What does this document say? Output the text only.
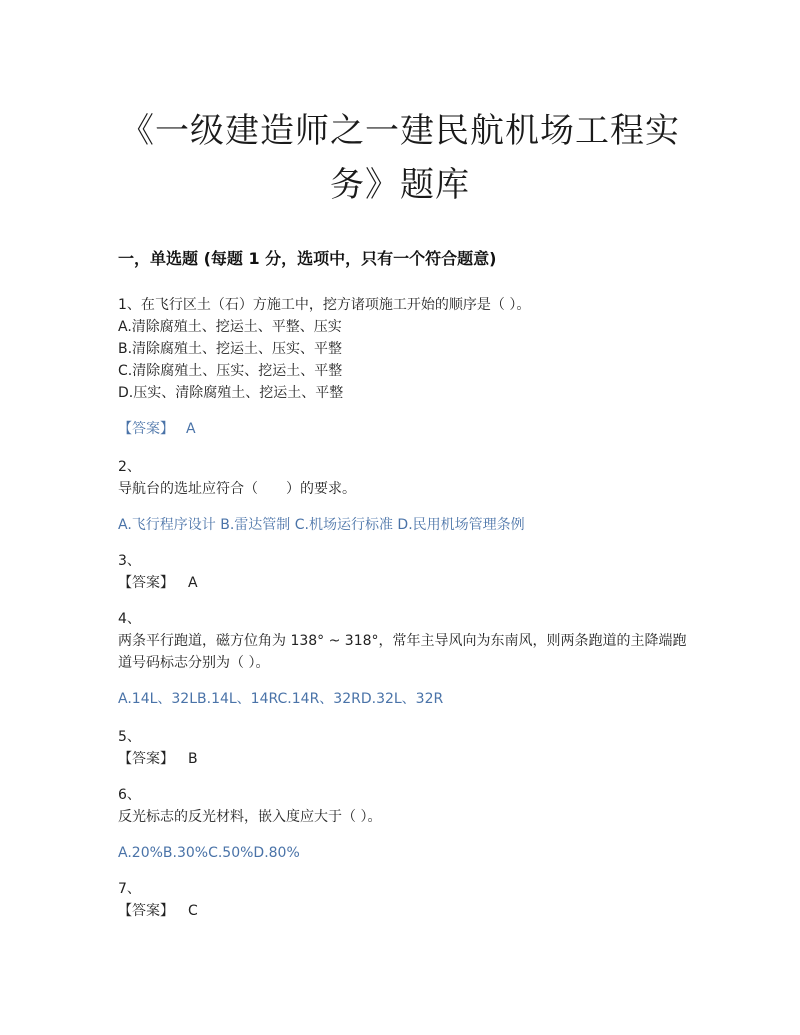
《一级建造师之一建民航机场工程实
务》题库
一，单选题 (每题 1 分，选项中，只有一个符合题意)
1、在飞行区土（石）方施工中，挖方诸项施工开始的顺序是（ ）。
A.清除腐殖土、挖运土、平整、压实
B.清除腐殖土、挖运土、压实、平整
C.清除腐殖土、压实、挖运土、平整
D.压实、清除腐殖土、挖运土、平整
【答案】 A
2、
导航台的选址应符合（　　）的要求。
A.飞行程序设计 B.雷达管制 C.机场运行标准 D.民用机场管理条例
3、
【答案】 A
4、
两条平行跑道，磁方位角为 138° ~ 318°，常年主导风向为东南风，则两条跑道的主降端跑
道号码标志分别为（ ）。
A.14L、32LB.14L、14RC.14R、32RD.32L、32R
5、
【答案】 B
6、
反光标志的反光材料，嵌入度应大于（ ）。
A.20%B.30%C.50%D.80%
7、
【答案】 C
